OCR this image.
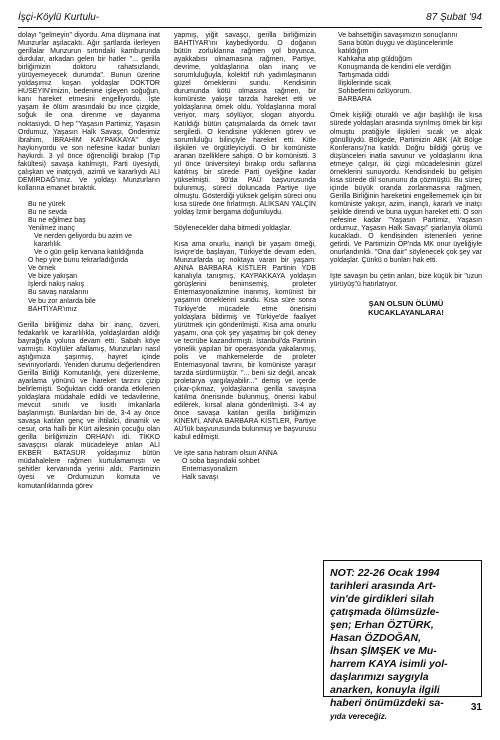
İşçi-Köylü Kurtulu-	87 Şubat '94

dolayı "gelmeyin" diyordu. Ama düşmana inat Munzurlar aşılacaktı. Ağır şartlarda ilerleyen gerillalar Munzurun sırtındaki kamburunda durdular, arkadan gelen bir hatler "... gerilla birliğimizin doktoru rahatsızlandı, yürüyemeyecek durumda". Bunun üzerine yoldaşımız koşan yoldaşlar DOKTOR HÜSEYİN'imizin, bedenine işleyen soğuğun, kanı hareket etmesini engelliyordu. İşte yaşam ile ölüm arasındaki bu ince çizgide, soğuk ile ona direnme ve dayanma noktasıydı. O hep "Yaşasın Partimiz, Yaşasın Ordumuz, Yaşasın Halk Savaşı, Önderimiz İbrahim, İBRAHİM KAYPAKKAYA" diye haykırıyordu ve son nefesine kadar bunları haykırdı. 3 yıl önce öğrenciliği bırakıp (Tıp fakültesi) savaşa katılmıştı, Parti üyesiydi, çalışkan ve inatçıydı, azimli ve kararlıydı ALİ DEMİRDAĞ'ımız. Ve yoldaşı Munzurların kollarına emanet bıraktık.

Bu ne yürek
Bu ne sevda
Bu ne eğilmez baş
Yenilmez inanç
Ve nerden geliyordu bu azim ve kararlılık
Ve o gün gelip kervana katıldığında
O hep yine bunu tekrarladığında
Ve örnek
Ve bize yakışan
İşlerdi nakış nakış
Bu savaş naralarını
Ve bu zor anlarda bile
BAHTİYAR'ımız

Gerilla birliğimiz daha bir inanç, özveri, fedakarlık ve kararlılıkla, yoldaşlardan aldığı bayrağıyla yoluna devam etti. Sabah köye varmıştı. Köylüler afallamış, Munzurları nasıl aştığımıza şaşırmış, hayret içinde sevinıyorlardı. Yeniden durumu değerlendiren Gerilla Birliği Komutanlığı, yeni düzenleme, ayarlama yönünü ve hareket tarzını çizip belirlemişti. Soğuktan ciddi oranda etkilenen yoldaşlara müdahale edildi ve tedavilerine, mevcut sınırlı ve kısıtlı imkanlarla başlanmıştı. Bunlardan biri de, 3-4 ay önce savaşa katılan genç ve ihtilalci, dinamik ve cesur, orta halli bir Kürt ailesinin çocuğu olan gerilla birliğimizin ORHAN'ı idi. TİKKO savaşçısı olarak mücadeleye atılan ALİ EKBER BATASUR yoldaşımız bütün müdahalelere rağmen kurtulamamıştı ve şehitler kervanında yerini aldı. Partimizin üyesi ve Ordumuzun komuta ve komutanlıklarında görev

yapmış, yiğit savaşçı, gerilla birliğimizin BAHTİYAR'ını kaybediyordu. O doğanın bütün zorluklarına rağmen yol boyunca, ayakkabısı olmamasına rağmen, Partiye, devrime, yoldaşlarına olan inanç ve sorumluluğuyla, kolektif ruh yadımlaşmanın güzel örneklerini sundu. Kendisinin durumunda kötü olmasına rağmen, bir komüniste yakışır tarzda hareket etti ve yoldaşlarına örnek oldu. Yoldaşlarına moral veriyor, marş söylüyor, slogan atıyordu. Katıldığı bütün çatışmalarda da örnek tavır sergiledi. O kendisine yüklenen görev ve sorumluluğu bilinçiyle hareket etti. Kitle ilişkileri ve örgütleyiciydi. O bir komüniste aranan özelliklere sahipti. O bir komünistti. 3 yıl önce üniversiteyi bırakıp ordu saflarına katılmış bir sürede Parti üyeliğine kadar yükselmişti. 90'da PAÜ başvurusunda bulunmuş, süreci doluncada Partiye üye olmuştu. Gösterdiği yüksek gelişim süreci onu kısa sürede öne fırlatmıştı. ALİKSAN YALÇIN yoldaş İzmir bergama doğumluydu.

Söylenecekler daha bitmedi yoldaşlar.

Kısa ama onurlu, inançlı bir yaşam örneği, İsviçre'de başlayan, Türkiye'de devam eden, Munzurlarda uç noktaya varan bir yaşam: ANNA BARBARA KİSTLER Partinin YDB kanalıyla tanışmış, KAYPAKKAYA yoldaşın görüşlerini benimsemiş, proleter Enternasyonalizmine inanmış, komünist bir yaşamın örneklerini sundu. Kısa süre sonra Türkiye'de mücadele etme önerisini yoldaşlara bildirmiş ve Türkiye'de faaliyet yürütmek için gönderilmişti. Kısa ama onurlu yaşamı, ona çok şey yaşatmış bir çok deney ve tecrübe kazandırmıştı. İstanbul'da Partinin yönelik yapılan bir operasyonda yakalanmış, polis ve mahkemelerde de proleter Enternasyonal tavrını, bir komüniste yaraşır tarzda sürdürmüştür. "... beni siz değil, ancak proletarya yargılayabilir..." demiş ve içerde çıkar-çıkmaz, yoldaşlarına gerilla savaşına katılma önerisinde bulunmuş, önerisi kabul edilerek, kırsal alana gönderilmişti. 3-4 ay önce savaşa katılan gerilla birliğimizin KİNEM'i, ANNA BARBARA KİSTLER, Partiye AÜ'lük başvurusunda bulunmuş ve başvurusu kabul edilmişti.

Ve işte sana hatıram olsun ANNA

O soba başındaki sohbet
Enternasyonalizm
Halk savaşı
Ve bahsettiğin savaşımızın sonuçlarını
Sana bütün duygu ve düşüncelerimle katıldığım
Kahkaha atıp güldüğüm
Konuşmanda de kendini ele verdiğin
Tartışmada ciddi
İlişkilerinde sıcak
Sohbetlerini özlüyorum.
BARBARA

Örnek kişiliği oturaklı ve ağır başlılığı ile kısa sürede yoldaşları arasında sıyrılmış örnek bir kişi olmuştu pratiğiyle ilişkileri sıcak ve alçak gönüllüydü. Bölgede, Partimizin ABK (Alt Bölge Konferansı)'na katıldı. Doğru bildiği görüş ve düşünceleri inatla savunur ve yoldaşlarını ikna etmeye çalışır, iki çizgi mücadelesinin güzel örneklerini sunuyordu. Kendisindeki bu gelişim kısa sürede dil sorununu da çözmüştü. Bu süreç içinde büyük oranda zorlanmasına rağmen, Gerilla Birliğinin hareketini engellememek için bir komüniste yakışır, azim, inançlı, kararlı ve inatçı şekilde direndi ve buna uygun hareket etti. O son nefesine kadar "Yaşasın Partimiz, Yaşasın ordumuz, Yaşasın Halk Savaşı" şiarlarıyla ölümü kucakladı. O kendisinden istenenleri yerine getirdi. Ve Partimizin ÖP'nda MK onur üyeliğiyle onurlandırıldı. "Ona dair" söylenecek çok şey var yoldaşlar. Çünkü o bunları hak etti.

İşte savaşın bu çetin anları, bize küçük bir "uzun yürüyüş"ü hatırlatıyor.

ŞAN OLSUN ÖLÜMÜ
KUCAKLAYANLARA!
NOT: 22-26 Ocak 1994
tarihleri arasında Art-
vin'de girdikleri silah
çatışmada ölümsüzle-
şen; Erhan ÖZTÜRK,
Hasan ÖZDOĞAN,
İhsan ŞİMŞEK ve Mu-
harrem KAYA isimli yol-
daşlarımızı saygıyla
anarken, konuyla ilgili
haberi önümüzdeki sa-
yıda vereceğiz.
31
